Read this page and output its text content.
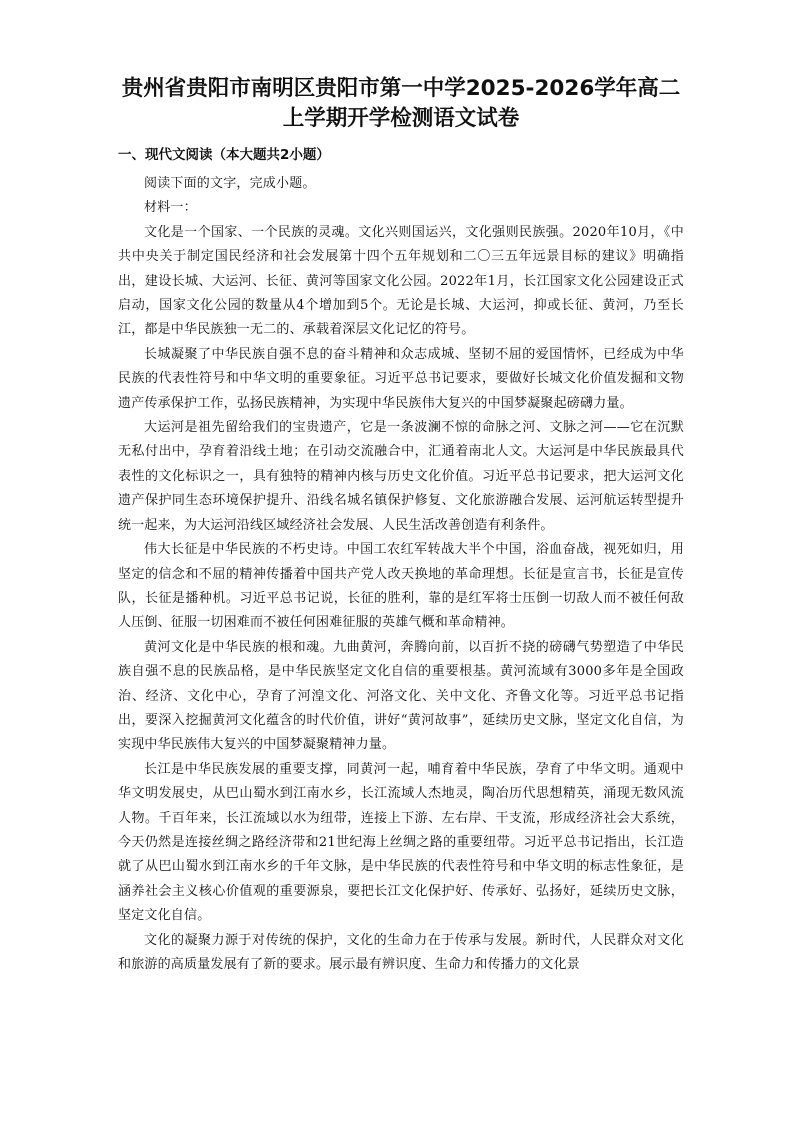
贵州省贵阳市南明区贵阳市第一中学2025-2026学年高二
上学期开学检测语文试卷
一、现代文阅读（本大题共2小题）

阅读下面的文字，完成小题。

材料一：

文化是一个国家、一个民族的灵魂。文化兴则国运兴，文化强则民族强。2020年10月，《中共中央关于制定国民经济和社会发展第十四个五年规划和二〇三五年远景目标的建议》明确指出，建设长城、大运河、长征、黄河等国家文化公园。2022年1月，长江国家文化公园建设正式启动，国家文化公园的数量从4个增加到5个。无论是长城、大运河，抑或长征、黄河，乃至长江，都是中华民族独一无二的、承载着深层文化记忆的符号。

长城凝聚了中华民族自强不息的奋斗精神和众志成城、坚韧不屈的爱国情怀，已经成为中华民族的代表性符号和中华文明的重要象征。习近平总书记要求，要做好长城文化价值发掘和文物遗产传承保护工作，弘扬民族精神，为实现中华民族伟大复兴的中国梦凝聚起磅礴力量。

大运河是祖先留给我们的宝贵遗产，它是一条波澜不惊的命脉之河、文脉之河——它在沉默无私付出中，孕育着沿线土地；在引动交流融合中，汇通着南北人文。大运河是中华民族最具代表性的文化标识之一，具有独特的精神内核与历史文化价值。习近平总书记要求，把大运河文化遗产保护同生态环境保护提升、沿线名城名镇保护修复、文化旅游融合发展、运河航运转型提升统一起来，为大运河沿线区域经济社会发展、人民生活改善创造有利条件。

伟大长征是中华民族的不朽史诗。中国工农红军转战大半个中国，浴血奋战，视死如归，用坚定的信念和不屈的精神传播着中国共产党人改天换地的革命理想。长征是宣言书，长征是宣传队，长征是播种机。习近平总书记说，长征的胜利，靠的是红军将士压倒一切敌人而不被任何敌人压倒、征服一切困难而不被任何困难征服的英雄气概和革命精神。

黄河文化是中华民族的根和魂。九曲黄河，奔腾向前，以百折不挠的磅礴气势塑造了中华民族自强不息的民族品格，是中华民族坚定文化自信的重要根基。黄河流域有3000多年是全国政治、经济、文化中心，孕育了河湟文化、河洛文化、关中文化、齐鲁文化等。习近平总书记指出，要深入挖掘黄河文化蕴含的时代价值，讲好“黄河故事”，延续历史文脉，坚定文化自信，为实现中华民族伟大复兴的中国梦凝聚精神力量。

长江是中华民族发展的重要支撑，同黄河一起，哺育着中华民族，孕育了中华文明。通观中华文明发展史，从巴山蜀水到江南水乡，长江流域人杰地灵，陶冶历代思想精英，涌现无数风流人物。千百年来，长江流域以水为纽带，连接上下游、左右岸、干支流，形成经济社会大系统，今天仍然是连接丝绸之路经济带和21世纪海上丝绸之路的重要纽带。习近平总书记指出，长江造就了从巴山蜀水到江南水乡的千年文脉，是中华民族的代表性符号和中华文明的标志性象征，是涵养社会主义核心价值观的重要源泉，要把长江文化保护好、传承好、弘扬好，延续历史文脉，坚定文化自信。

文化的凝聚力源于对传统的保护，文化的生命力在于传承与发展。新时代，人民群众对文化和旅游的高质量发展有了新的要求。展示最有辨识度、生命力和传播力的文化景
